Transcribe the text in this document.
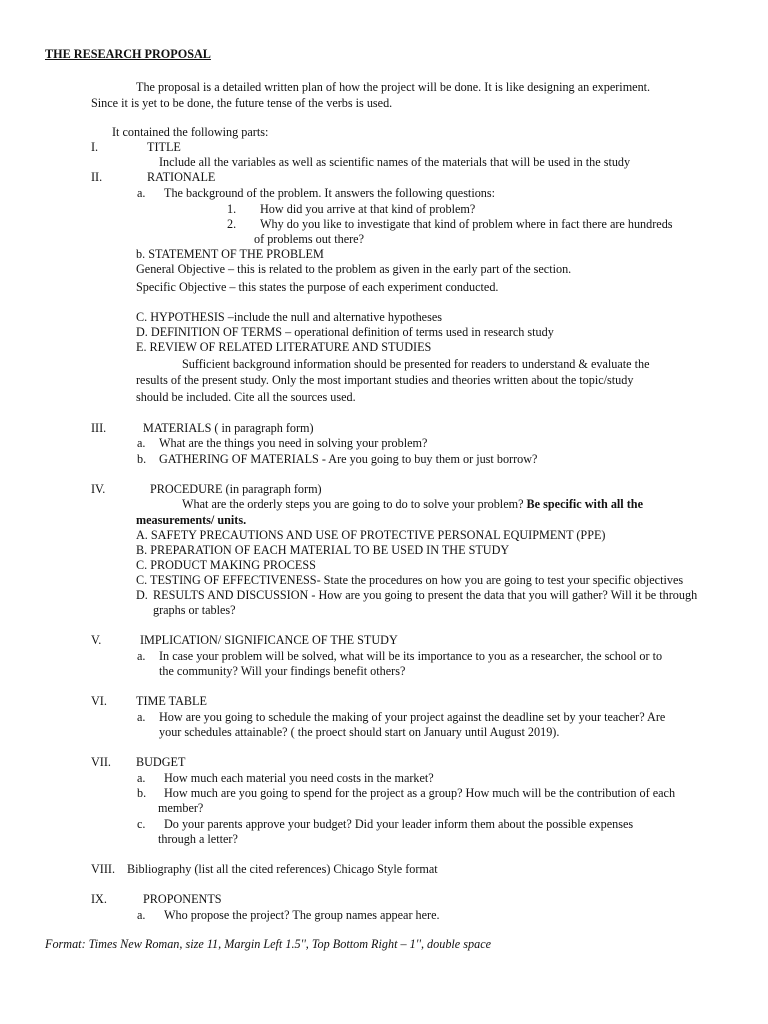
THE RESEARCH PROPOSAL
The proposal is a detailed written plan of how the project will be done. It is like designing an experiment.
Since it is yet to be done, the future tense of the verbs is used.
It contained the following parts:
I.	TITLE
Include all the variables as well as scientific names of the materials that will be used in the study
II.	RATIONALE
a. The background of the problem. It answers the following questions:
1. How did you arrive at that kind of problem?
2. Why do you like to investigate that kind of problem where in fact there are hundreds
of problems out there?
b. STATEMENT OF THE PROBLEM
General Objective – this is related to the problem as given in the early part of the section.
Specific Objective – this states the purpose of each experiment conducted.
C. HYPOTHESIS –include the null and alternative hypotheses
D. DEFINITION OF TERMS – operational definition of terms used in research study
E. REVIEW OF RELATED LITERATURE AND STUDIES
Sufficient background information should be presented for readers to understand & evaluate the
results of the present study. Only the most important studies and theories written about the topic/study
should be included. Cite all the sources used.
III.	MATERIALS ( in paragraph form)
a. What are the things you need in solving your problem?
b. GATHERING OF MATERIALS - Are you going to buy them or just borrow?
IV.	PROCEDURE (in paragraph form)
What are the orderly steps you are going to do to solve your problem? Be specific with all the
measurements/ units.
A. SAFETY PRECAUTIONS AND USE OF PROTECTIVE PERSONAL EQUIPMENT (PPE)
B. PREPARATION OF EACH MATERIAL TO BE USED IN THE STUDY
C. PRODUCT MAKING PROCESS
C. TESTING OF EFFECTIVENESS- State the procedures on how you are going to test your specific objectives
D. RESULTS AND DISCUSSION - How are you going to present the data that you will gather? Will it be through
graphs or tables?
V.	IMPLICATION/ SIGNIFICANCE OF THE STUDY
a. In case your problem will be solved, what will be its importance to you as a researcher, the school or to
the community? Will your findings benefit others?
VI. TIME TABLE
a. How are you going to schedule the making of your project against the deadline set by your teacher? Are
your schedules attainable? ( the proect should start on January until August 2019).
VII. BUDGET
a. How much each material you need costs in the market?
b. How much are you going to spend for the project as a group? How much will be the contribution of each
member?
c. Do your parents approve your budget? Did your leader inform them about the possible expenses
through a letter?
VIII. Bibliography (list all the cited references) Chicago Style format
IX.	PROPONENTS
a. Who propose the project? The group names appear here.
Format: Times New Roman, size 11, Margin Left 1.5'', Top Bottom Right – 1'', double space
